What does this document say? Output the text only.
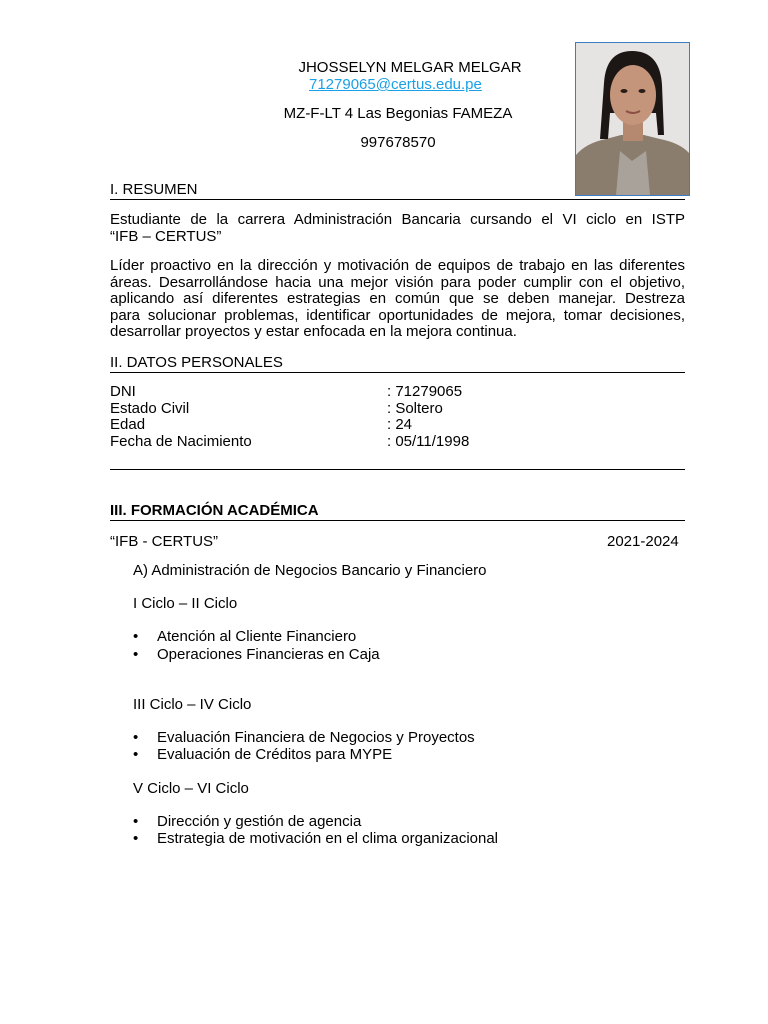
JHOSSELYN MELGAR MELGAR
71279065@certus.edu.pe
MZ-F-LT 4 Las Begonias FAMEZA
997678570
I. RESUMEN
Estudiante de la carrera Administración Bancaria cursando el VI ciclo en ISTP
“IFB – CERTUS”
Líder proactivo en la dirección y motivación de equipos de trabajo en las diferentes
áreas. Desarrollándose hacia una mejor visión para poder cumplir con el objetivo,
aplicando así diferentes estrategias en común que se deben manejar. Destreza
para solucionar problemas, identificar oportunidades de mejora, tomar decisiones,
desarrollar proyectos y estar enfocada en la mejora continua.
II. DATOS PERSONALES
DNI	: 71279065
Estado Civil	: Soltero
Edad	: 24
Fecha de Nacimiento	: 05/11/1998
III. FORMACIÓN ACADÉMICA
“IFB - CERTUS”	2021-2024
A) Administración de Negocios Bancario y Financiero
I Ciclo – II Ciclo
• Atención al Cliente Financiero
• Operaciones Financieras en Caja
III Ciclo – IV Ciclo
• Evaluación Financiera de Negocios y Proyectos
• Evaluación de Créditos para MYPE
V Ciclo – VI Ciclo
• Dirección y gestión de agencia
• Estrategia de motivación en el clima organizacional
